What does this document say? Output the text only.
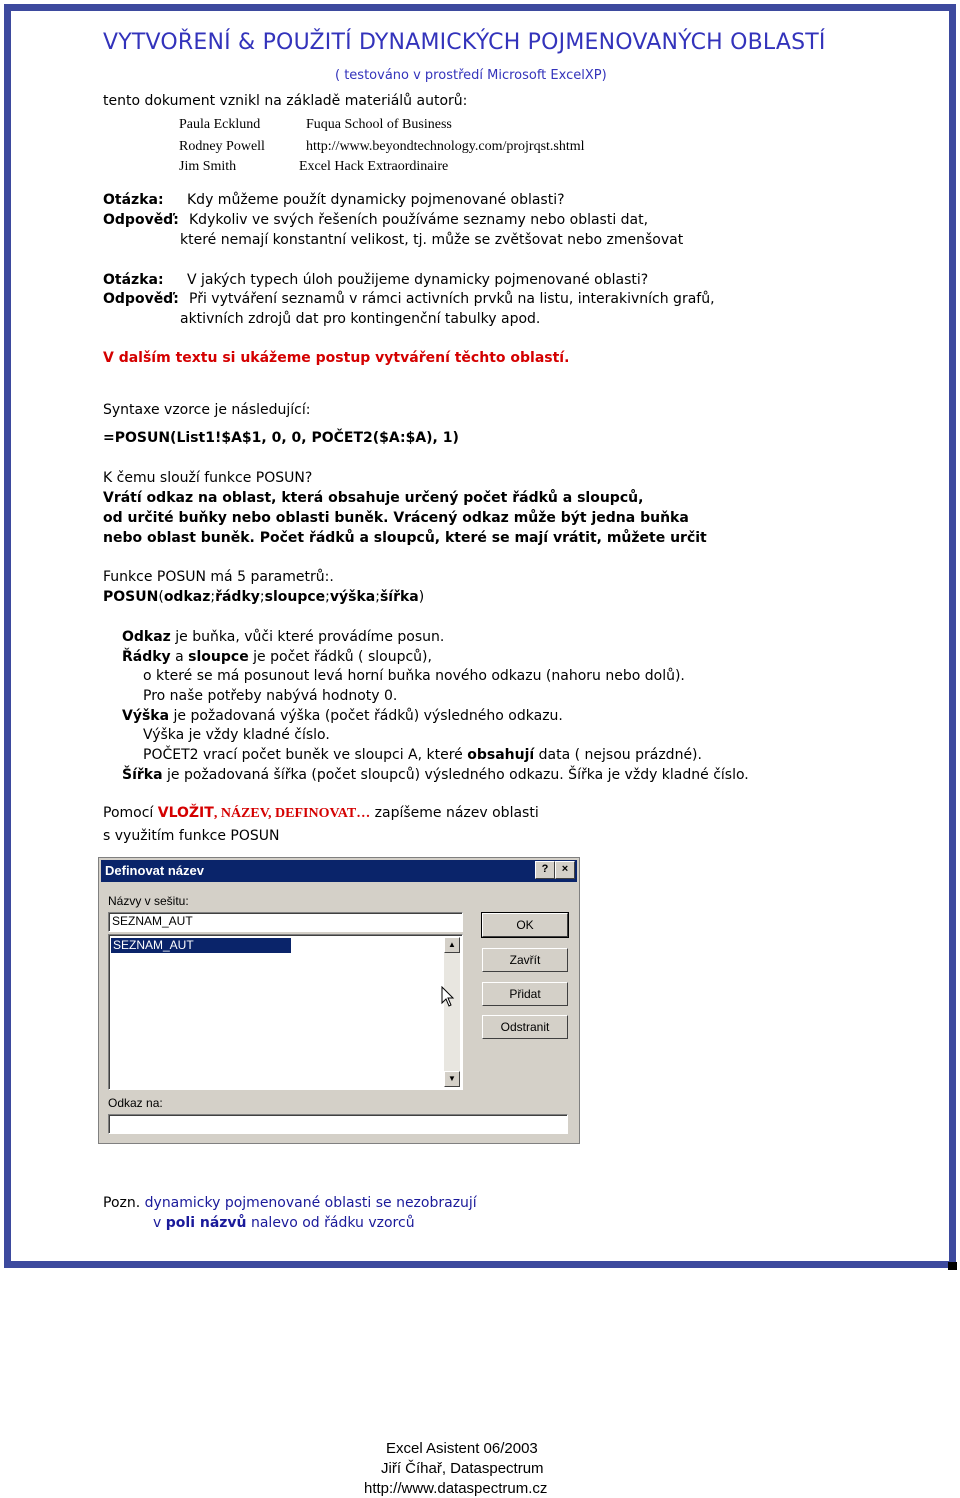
VYTVOŘENÍ & POUŽITÍ DYNAMICKÝCH POJMENOVANÝCH OBLASTÍ
( testováno v prostředí Microsoft ExcelXP)
tento dokument vznikl na základě materiálů autorů:
Paula Ecklund	Fuqua School of Business
Rodney Powell	http://www.beyondtechnology.com/projrqst.shtml
Jim Smith	Excel Hack Extraordinaire
Otázka: Kdy můžeme použít dynamicky pojmenované oblasti?
Odpověď: Kdykoliv ve svých řešeních používáme seznamy nebo oblasti dat,
které nemají konstantní velikost, tj. může se zvětšovat nebo zmenšovat
Otázka: V jakých typech úloh použijeme dynamicky pojmenované oblasti?
Odpověď: Při vytváření seznamů v rámci activních prvků na listu, interakivních grafů,
aktivních zdrojů dat pro kontingenční tabulky apod.
V dalším textu si ukážeme postup vytváření těchto oblastí.
Syntaxe vzorce je následující:
=POSUN(List1!$A$1, 0, 0, POČET2($A:$A), 1)
K čemu slouží funkce POSUN?
Vrátí odkaz na oblast, která obsahuje určený počet řádků a sloupců,
od určité buňky nebo oblasti buněk. Vrácený odkaz může být jedna buňka
nebo oblast buněk. Počet řádků a sloupců, které se mají vrátit, můžete určit
Funkce POSUN má 5 parametrů:.
POSUN(odkaz;řádky;sloupce;výška;šířka)
Odkaz je buňka, vůči které provádíme posun.
Řádky a sloupce je počet řádků ( sloupců),
o které se má posunout levá horní buňka nového odkazu (nahoru nebo dolů).
Pro naše potřeby nabývá hodnoty 0.
Výška je požadovaná výška (počet řádků) výsledného odkazu.
Výška je vždy kladné číslo.
POČET2 vrací počet buněk ve sloupci A, které obsahují data ( nejsou prázdné).
Šířka je požadovaná šířka (počet sloupců) výsledného odkazu. Šířka je vždy kladné číslo.
Pomocí VLOŽIT, NÁZEV, DEFINOVAT… zapíšeme název oblasti
s využitím funkce POSUN
Definovat název	?	×
Názvy v sešitu:
SEZNAM_AUT
SEZNAM_AUT	▲
▼
OK
Zavřít
Přidat
Odstranit
Odkaz na:
Pozn. dynamicky pojmenované oblasti se nezobrazují
v poli názvů nalevo od řádku vzorců
Excel Asistent 06/2003
Jiří Číhař, Dataspectrum
http://www.dataspectrum.cz
